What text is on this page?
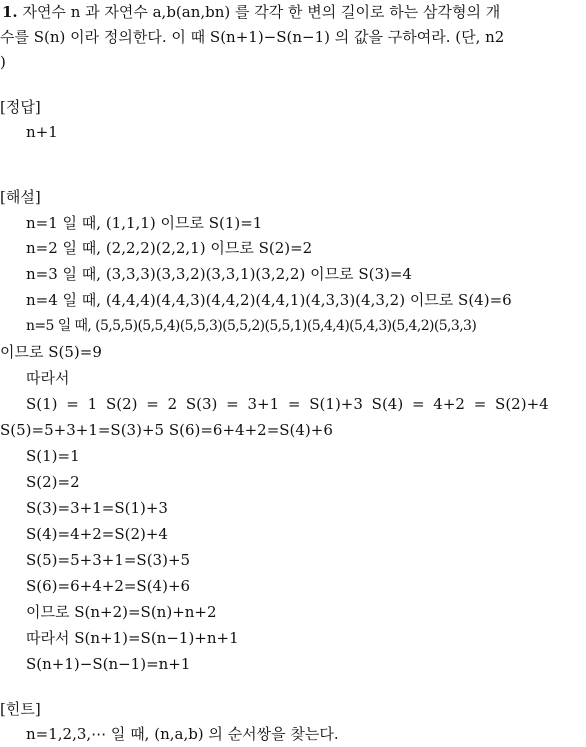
1. 자연수 n 과 자연수 a,b(an,bn) 를 각각 한 변의 길이로 하는 삼각형의 개
수를 S(n) 이라 정의한다. 이 때 S(n+1)−S(n−1) 의 값을 구하여라. (단, n2
)
[정답]
n+1
[해설]
n=1 일 때, (1,1,1) 이므로 S(1)=1
n=2 일 때, (2,2,2)(2,2,1) 이므로 S(2)=2
n=3 일 때, (3,3,3)(3,3,2)(3,3,1)(3,2,2) 이므로 S(3)=4
n=4 일 때, (4,4,4)(4,4,3)(4,4,2)(4,4,1)(4,3,3)(4,3,2) 이므로 S(4)=6
n=5 일 때, (5,5,5)(5,5,4)(5,5,3)(5,5,2)(5,5,1)(5,4,4)(5,4,3)(5,4,2)(5,3,3)
이므로 S(5)=9
따라서
S(1) = 1 S(2) = 2 S(3) = 3+1 = S(1)+3 S(4) = 4+2 = S(2)+4
S(5)=5+3+1=S(3)+5 S(6)=6+4+2=S(4)+6
S(1)=1
S(2)=2
S(3)=3+1=S(1)+3
S(4)=4+2=S(2)+4
S(5)=5+3+1=S(3)+5
S(6)=6+4+2=S(4)+6
이므로 S(n+2)=S(n)+n+2
따라서 S(n+1)=S(n−1)+n+1
S(n+1)−S(n−1)=n+1
[힌트]
n=1,2,3,⋯ 일 때, (n,a,b) 의 순서쌍을 찾는다.
